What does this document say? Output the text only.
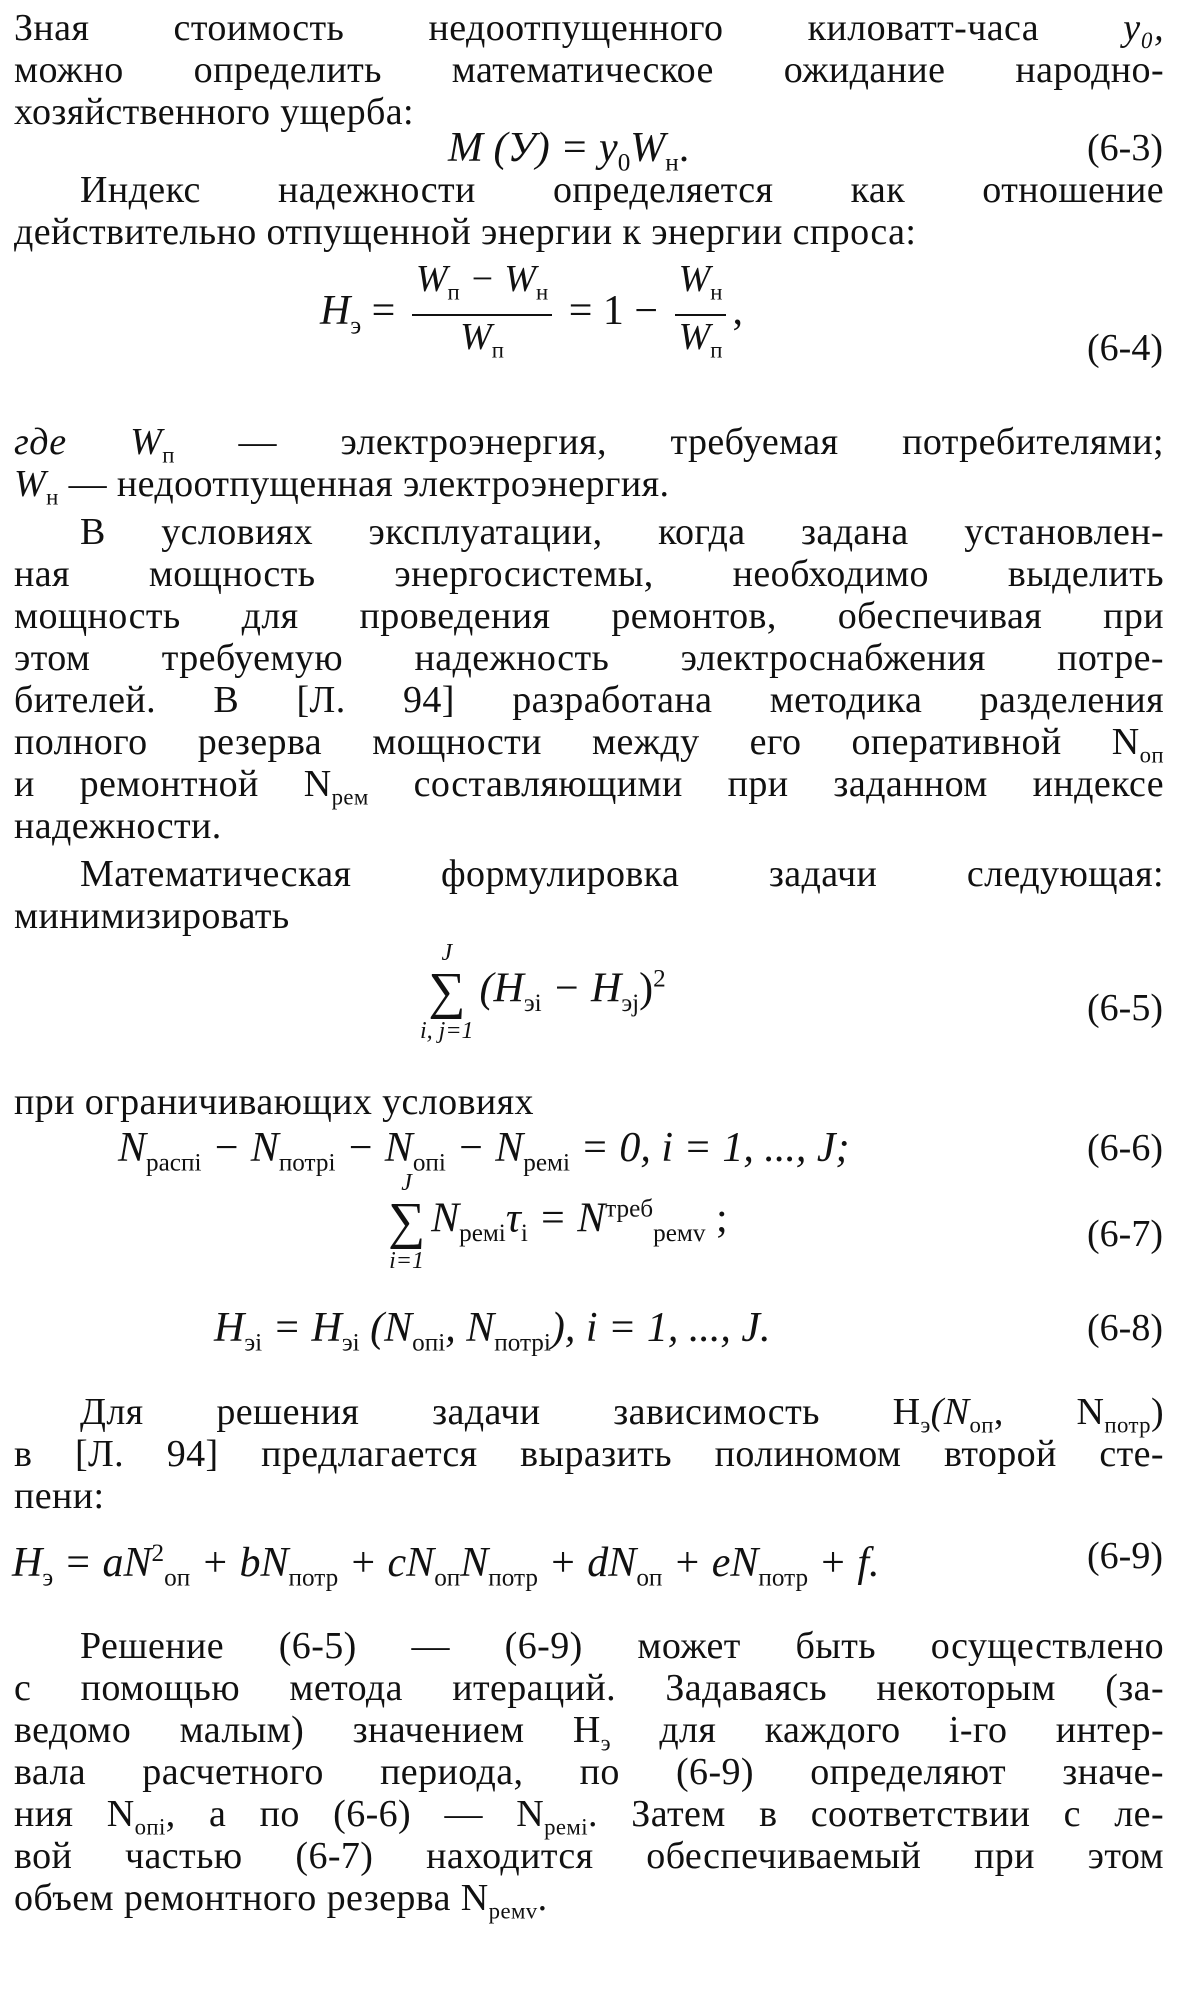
Зная стоимость недоотпущенного киловатт-часа y₀,
можно определить математическое ожидание народно-
хозяйственного ущерба:
M $(У) = y_0W_н$.	(6-3)
Индекс надежности определяется как отношение
действительно отпущенной энергии к энергии спроса:
$H_э = \frac{W_п - W_н}{W_п} = 1 - \frac{W_н}{W_п}$ ,
(6-4)
где $W_п$ — электроэнергия, требуемая потребителями;
$W_н$ — недоотпущенная электроэнергия.
В условиях эксплуатации, когда задана установлен-
ная мощность энергосистемы, необходимо выделить
мощность для проведения ремонтов, обеспечивая при
этом требуемую надежность электроснабжения потре-
бителей. В [Л. 94] разработана методика разделения
полного резерва мощности между его оперативной $N_{оп}$
и ремонтной $N_{рем}$ составляющими при заданном индексе
надежности.
Математическая формулировка задачи следующая:
минимизировать
J
∑
i, j=1
$(H_{эi} - H_{эj})^2$
(6-5)
при ограничивающих условиях
$N_{распi} - N_{потрi} - N_{опi} - N_{ремi} = 0$, i = 1, ..., J;	(6-6)
J
∑
i=1
$N_{ремi}\tau_i = N^{треб}_{ремv}$ ;	(6-7)
$H_{эi} = H_{эi}$ ($N_{опi}$, $N_{потрi}$), i = 1, ..., J.	(6-8)
Для решения задачи зависимость $H_э(N_{оп}$, $N_{потр}$)
в [Л. 94] предлагается выразить полиномом второй сте-
пени:
$H_э = aN^2_{оп} + bN_{потр} + cN_{оп}N_{потр} + dN_{оп} + eN_{потр} + f$.	(6-9)
Решение (6-5) — (6-9) может быть осуществлено
с помощью метода итераций. Задаваясь некоторым (за-
ведомо малым) значением $H_э$ для каждого i-го интер-
вала расчетного периода, по (6-9) определяют значе-
ния $N_{опi}$, а по (6-6) — $N_{ремi}$. Затем в соответствии с ле-
вой частью (6-7) находится обеспечиваемый при этом
объем ремонтного резерва $N_{ремv}$.
